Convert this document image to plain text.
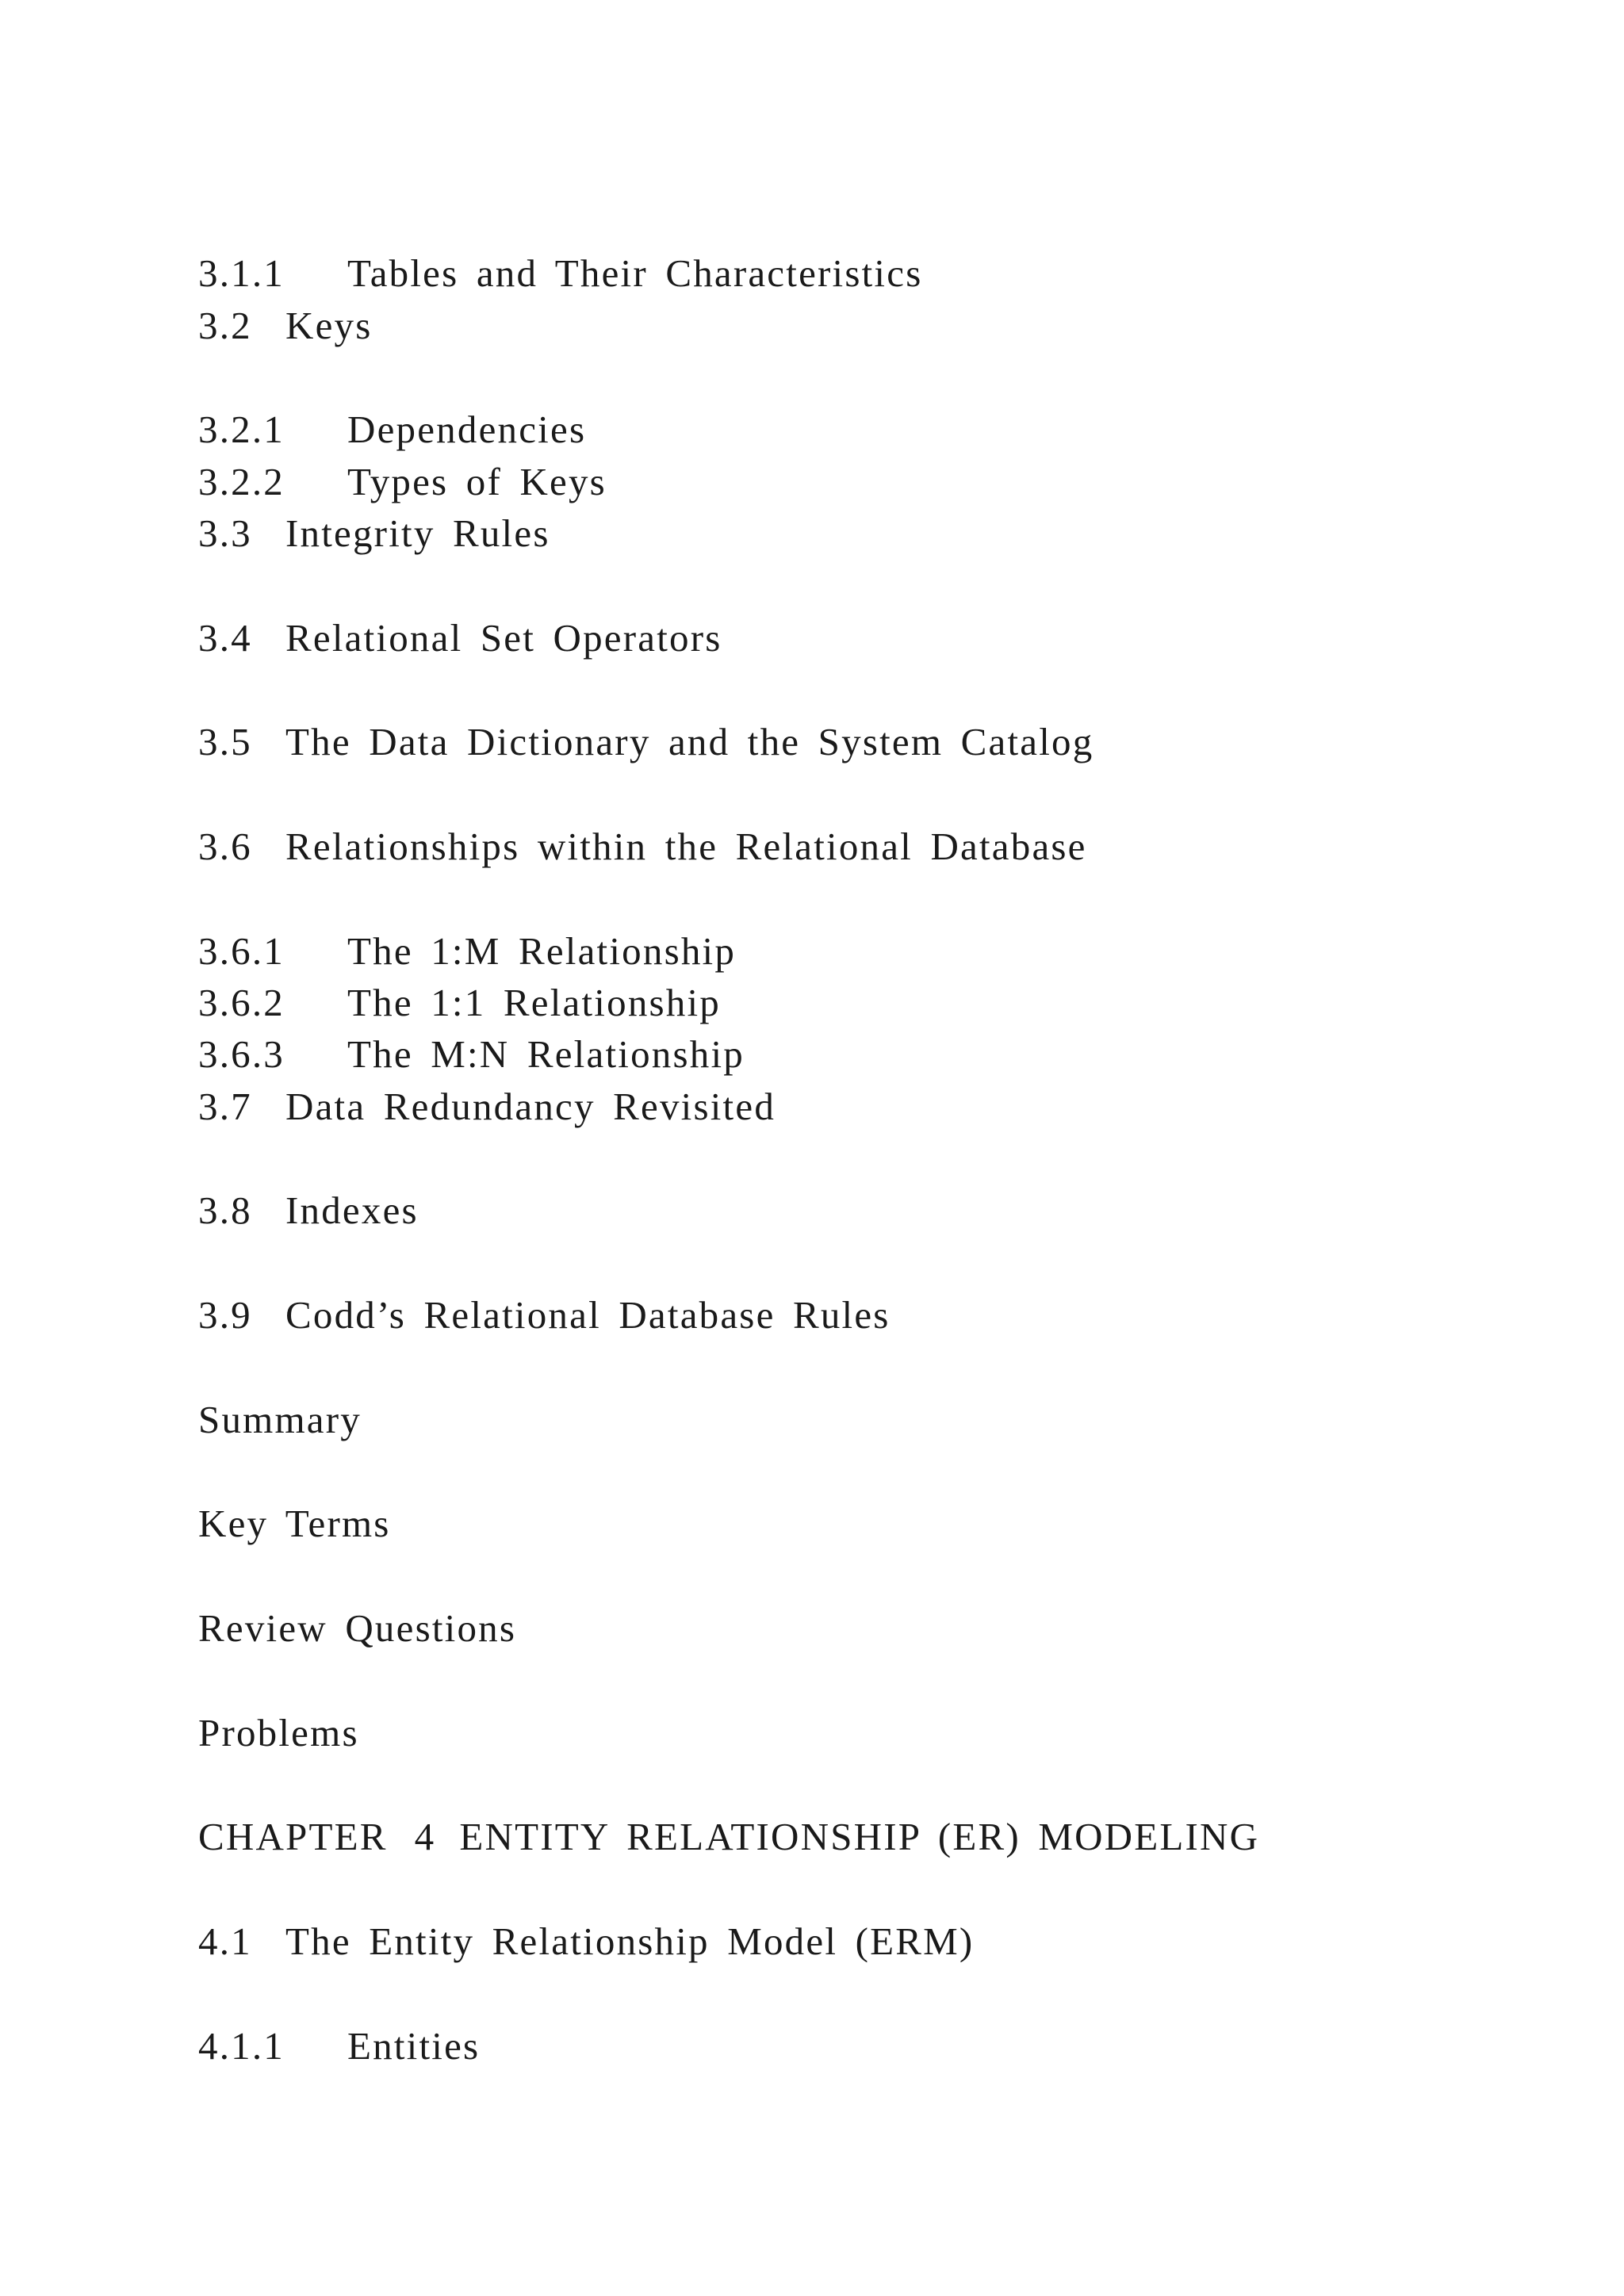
3.1.1 Tables and Their Characteristics
3.2 Keys
3.2.1 Dependencies
3.2.2 Types of Keys
3.3 Integrity Rules
3.4 Relational Set Operators
3.5 The Data Dictionary and the System Catalog
3.6 Relationships within the Relational Database
3.6.1 The 1:M Relationship
3.6.2 The 1:1 Relationship
3.6.3 The M:N Relationship
3.7 Data Redundancy Revisited
3.8 Indexes
3.9 Codd’s Relational Database Rules
Summary
Key Terms
Review Questions
Problems
CHAPTER 4 ENTITY RELATIONSHIP (ER) MODELING
4.1 The Entity Relationship Model (ERM)
4.1.1 Entities
